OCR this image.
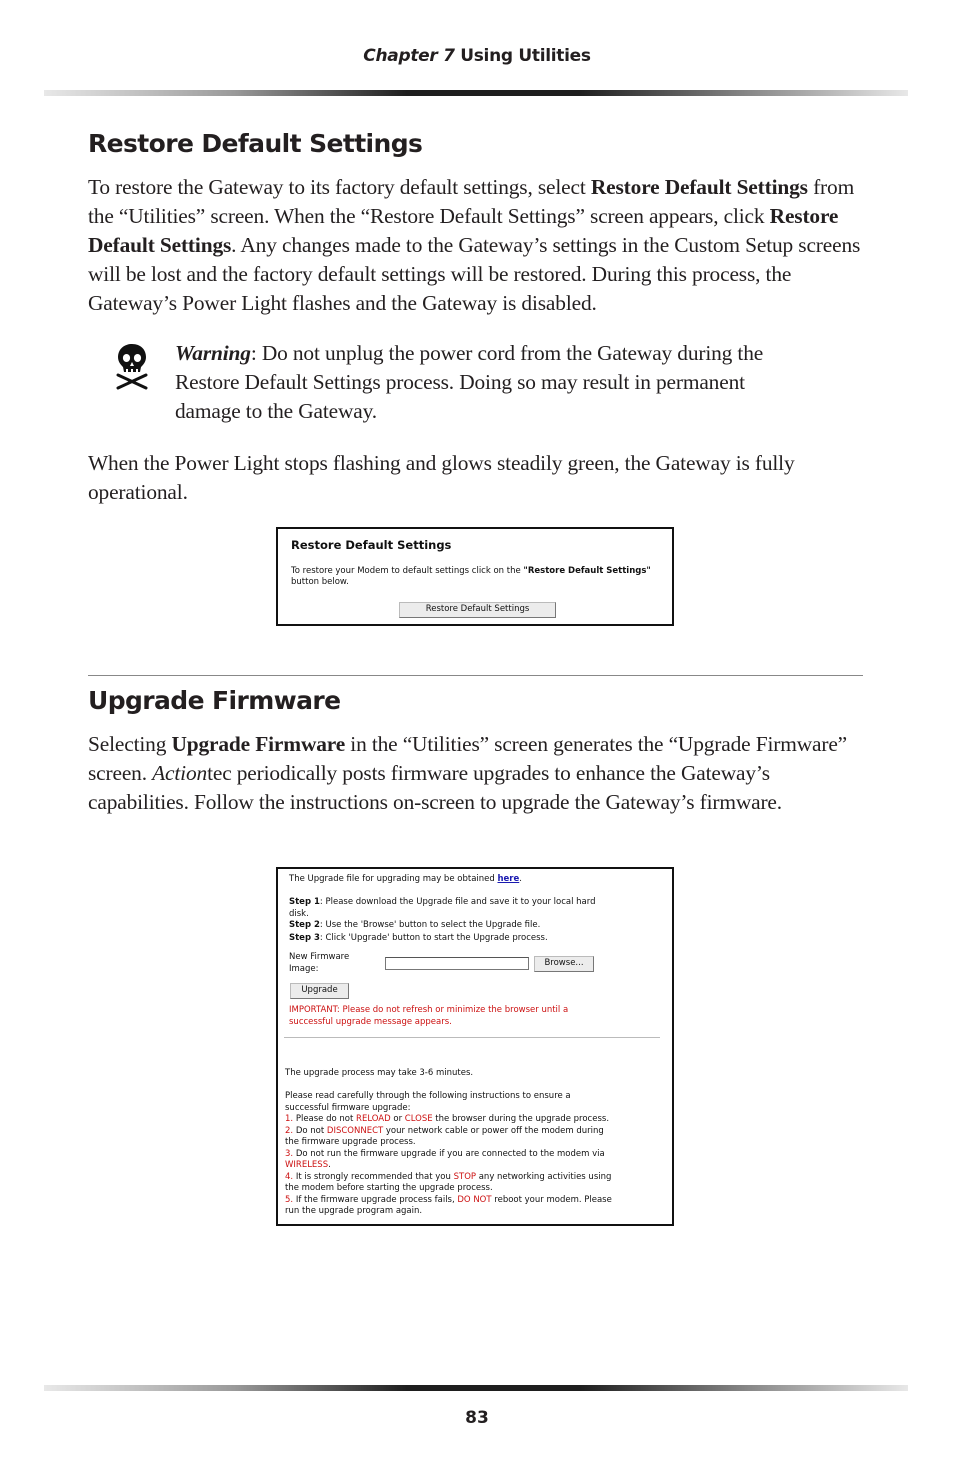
Chapter 7 Using Utilities
Restore Default Settings

To restore the Gateway to its factory default settings, select Restore Default Settings from the “Utilities” screen. When the “Restore Default Settings” screen appears, click Restore Default Settings. Any changes made to the Gateway’s settings in the Custom Setup screens will be lost and the factory default settings will be restored. During this process, the Gateway’s Power Light flashes and the Gateway is disabled.

Warning: Do not unplug the power cord from the Gateway during the Restore Default Settings process. Doing so may result in permanent damage to the Gateway.

When the Power Light stops flashing and glows steadily green, the Gateway is fully operational.

Restore Default Settings
To restore your Modem to default settings click on the "Restore Default Settings" button below.
Restore Default Settings
Upgrade Firmware

Selecting Upgrade Firmware in the “Utilities” screen generates the “Upgrade Firmware” screen. Actiontec periodically posts firmware upgrades to enhance the Gateway’s capabilities. Follow the instructions on-screen to upgrade the Gateway’s firmware.

The Upgrade file for upgrading may be obtained here.
Step 1: Please download the Upgrade file and save it to your local hard
disk.
Step 2: Use the 'Browse' button to select the Upgrade file.
Step 3: Click 'Upgrade' button to start the Upgrade process.
New Firmware
Image:
Browse...
Upgrade
IMPORTANT: Please do not refresh or minimize the browser until a
successful upgrade message appears.
The upgrade process may take 3-6 minutes.
Please read carefully through the following instructions to ensure a
successful firmware upgrade:
1. Please do not RELOAD or CLOSE the browser during the upgrade process.
2. Do not DISCONNECT your network cable or power off the modem during
the firmware upgrade process.
3. Do not run the firmware upgrade if you are connected to the modem via
WIRELESS.
4. It is strongly recommended that you STOP any networking activities using
the modem before starting the upgrade process.
5. If the firmware upgrade process fails, DO NOT reboot your modem. Please
run the upgrade program again.
83
